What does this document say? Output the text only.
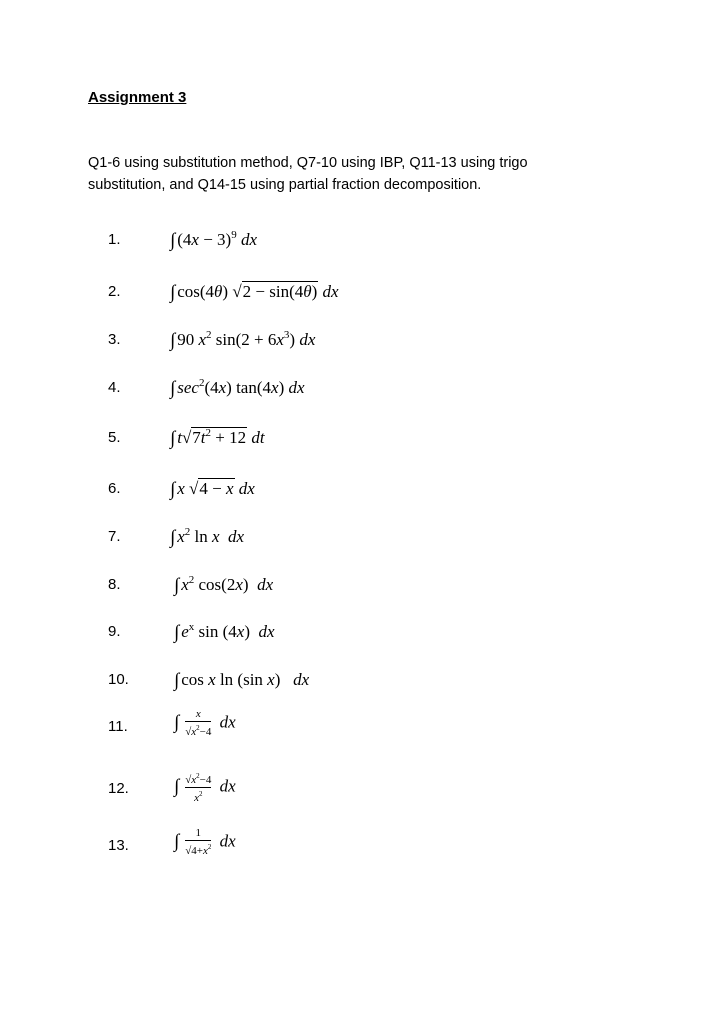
Assignment 3
Q1-6 using substitution method, Q7-10 using IBP, Q11-13 using trigo substitution, and Q14-15 using partial fraction decomposition.
1.	∫ $(4x - 3)^9$ dx
2.	∫ cos(4θ) √2 − sin(4θ) dx
3.	∫ 90 $x^2$ $\sin(2 + 6x^3)$ dx
4.	∫ $\sec^2(4x)$ tan(4x) dx
5.	∫ $t√7t^2 + 12$ dt
6.	∫ x √4 − x dx
7.	∫ $x^2$ ln x dx
8.	∫ $x^2$ cos(2x) dx
9.	∫ $e^x$ sin (4x) dx
10. ∫ cos x ln (sin x) dx
11. ∫ $\frac{x}{√x^2-4}$ dx
12. ∫ $\frac{√x^2-4}{x^2}$ dx
13. ∫ $\frac{1}{√4+x^2}$ dx
